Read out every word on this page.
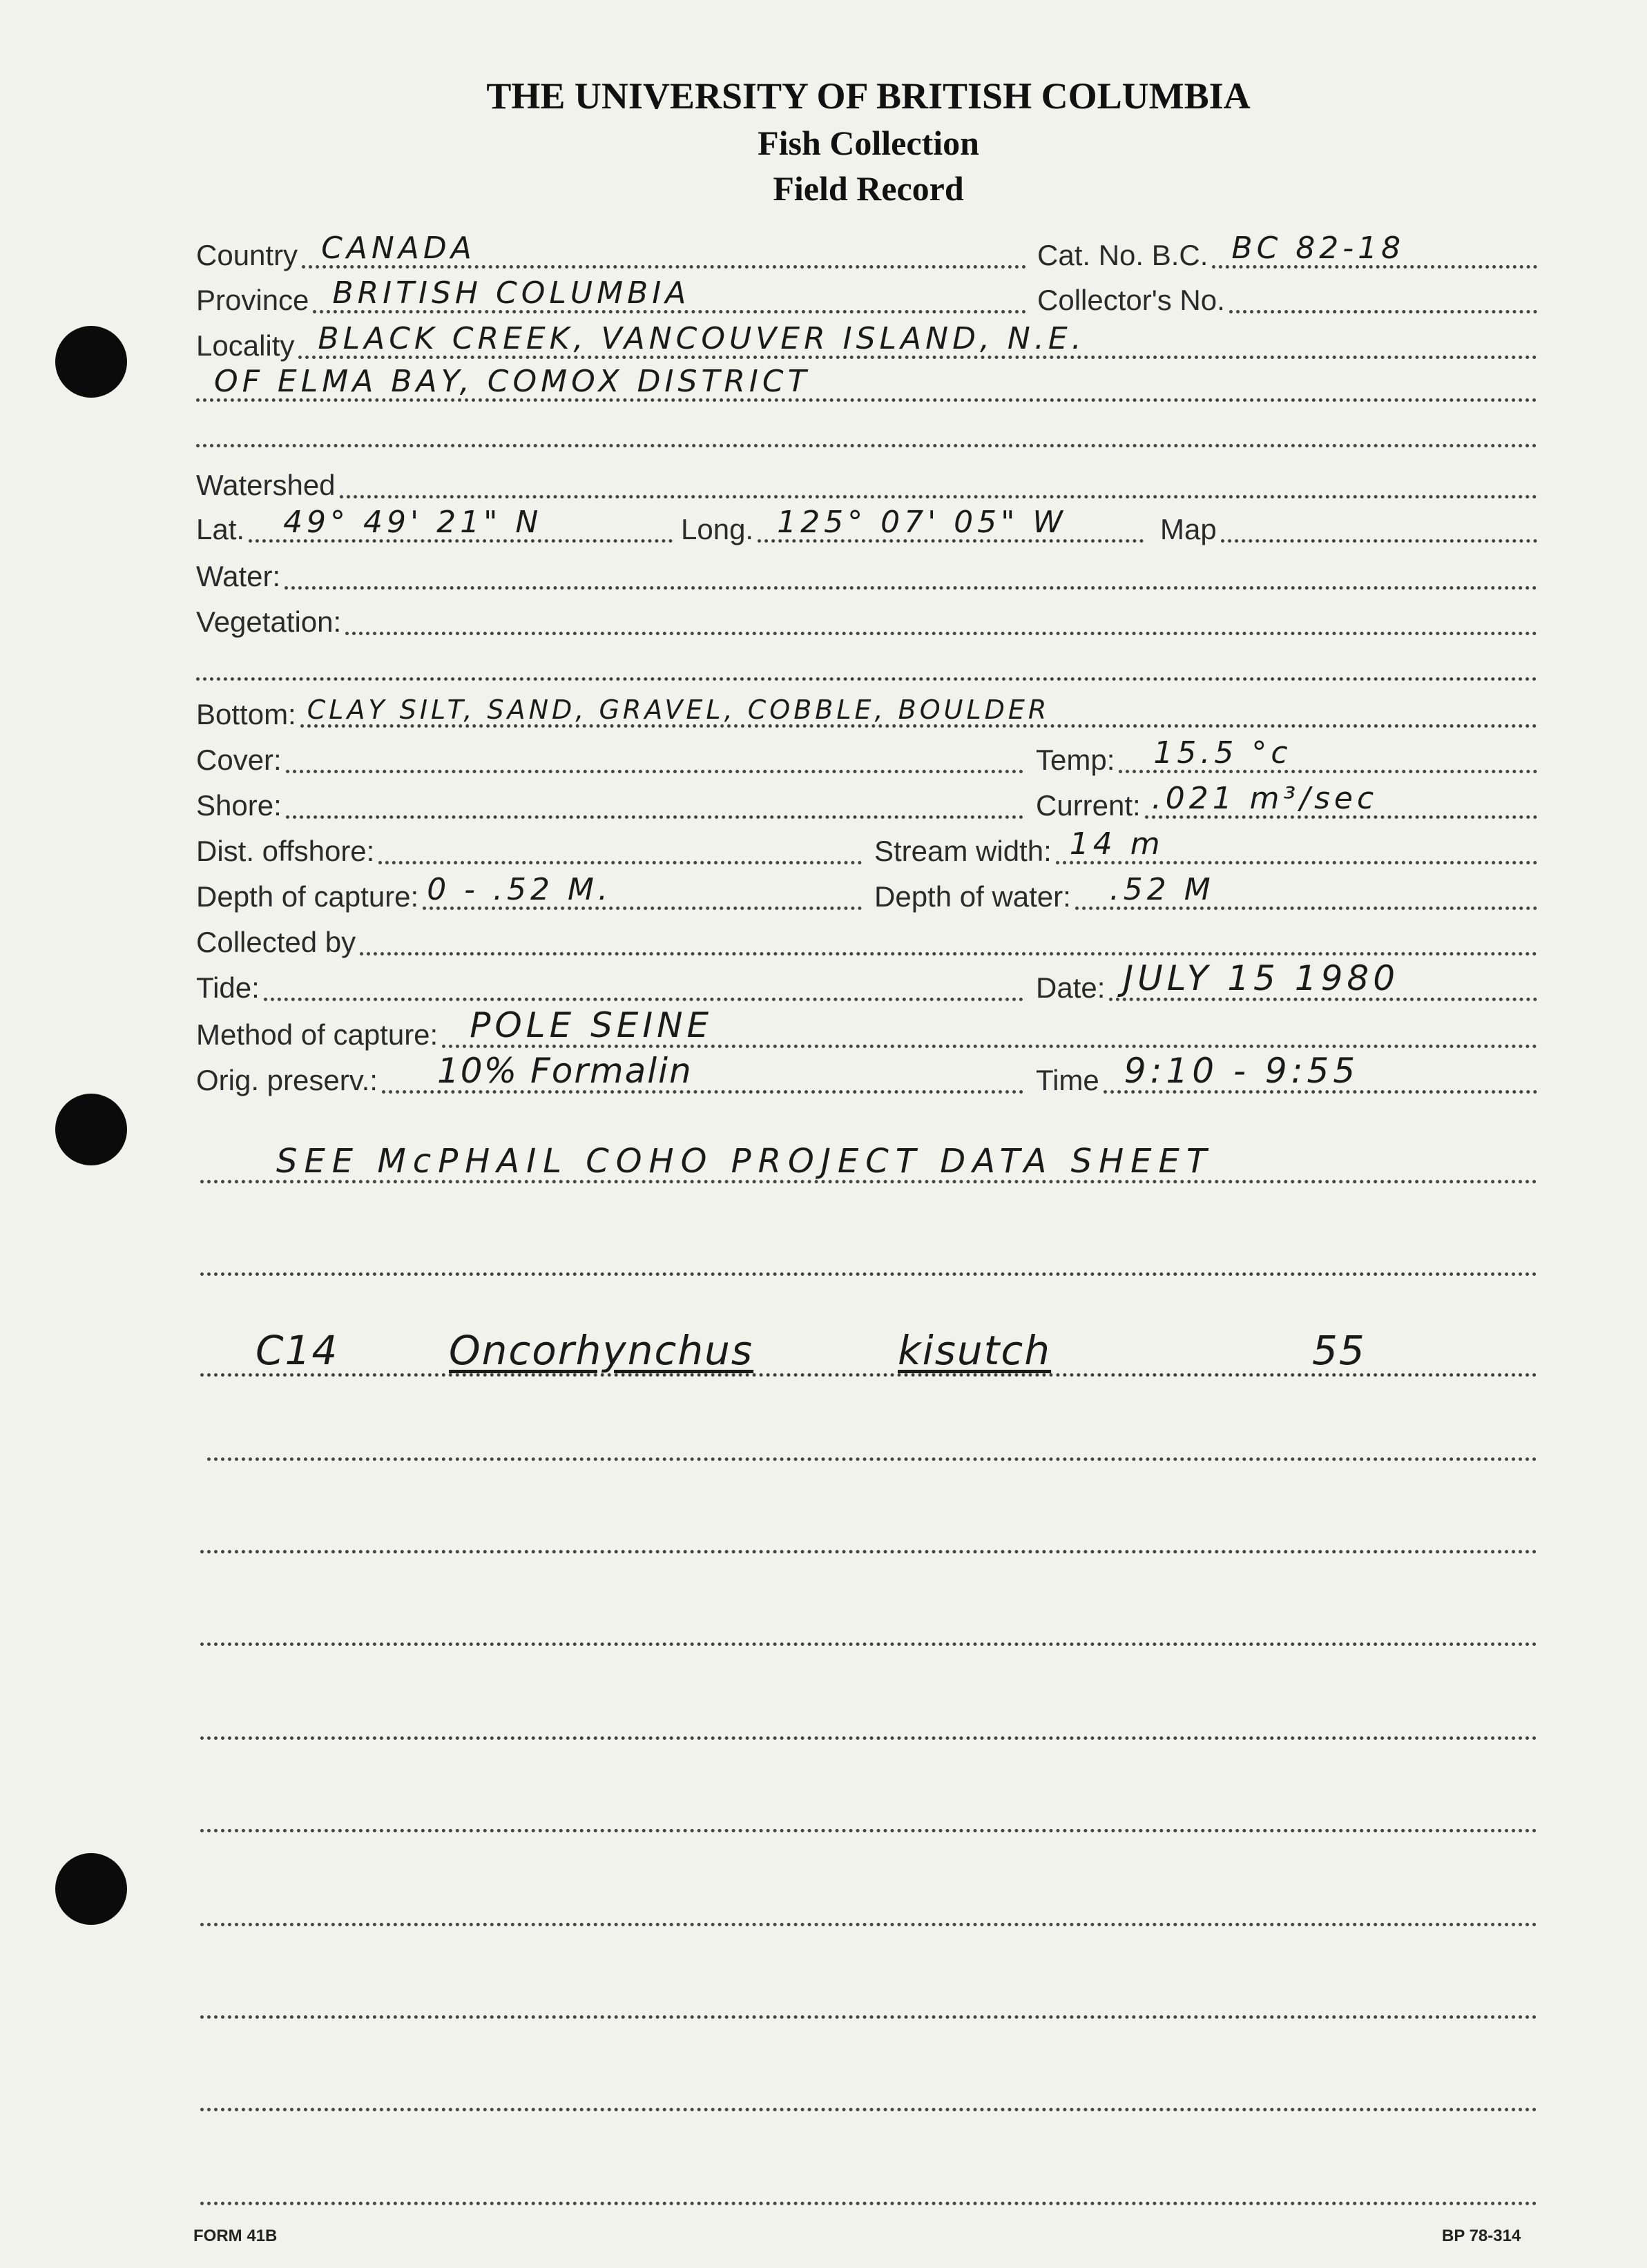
THE UNIVERSITY OF BRITISH COLUMBIA
Fish Collection
Field Record
Country CANADA	Cat. No. B.C. BC 82-18
Province BRITISH COLUMBIA	Collector's No.
Locality BLACK CREEK, VANCOUVER ISLAND, N.E.
OF ELMA BAY, COMOX DISTRICT
Watershed
Lat. 49° 49' 21" N	Long. 125° 07' 05" W	Map
Water:
Vegetation:
Bottom: CLAY SILT, SAND, GRAVEL, COBBLE, BOULDER
Cover:	Temp: 15.5 °c
Shore:	Current: .021 m³/sec
Dist. offshore:	Stream width: 14 m
Depth of capture: 0 - .52 M.	Depth of water: .52 M
Collected by
Tide:	Date: JULY 15 1980
Method of capture: POLE SEINE
Orig. preserv.: 10% Formalin	Time 9:10 - 9:55
SEE McPHAIL COHO PROJECT DATA SHEET
C14	Oncorhynchus	kisutch	55
FORM 41B	BP 78-314
